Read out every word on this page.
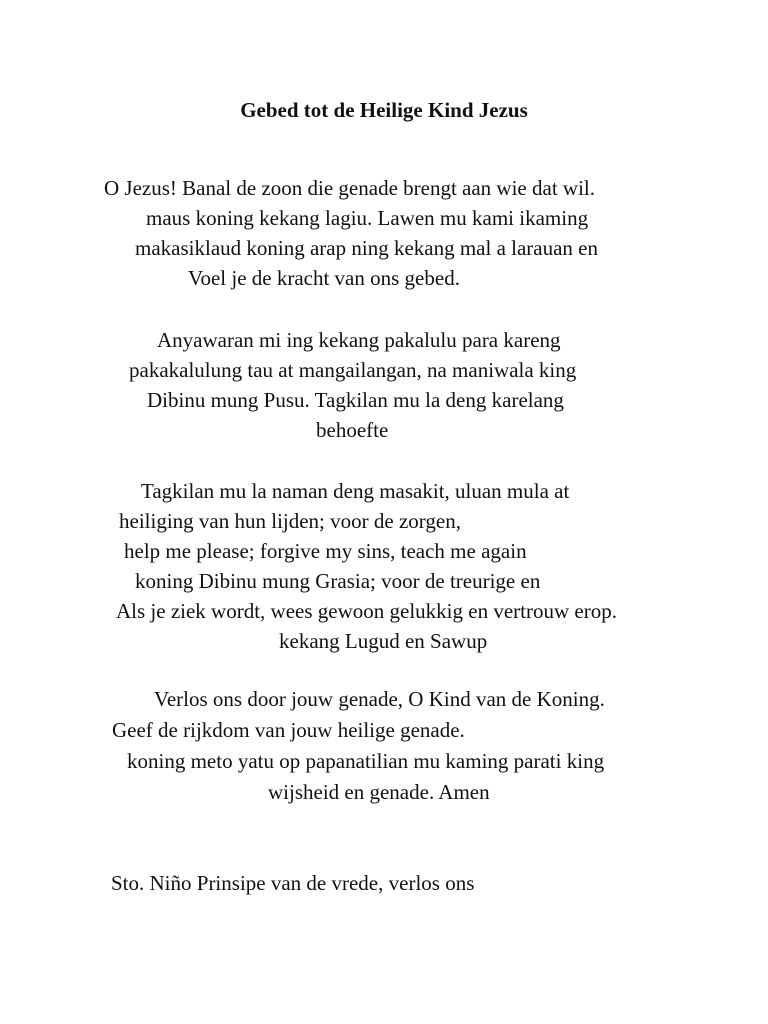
Gebed tot de Heilige Kind Jezus

O Jezus! Banal de zoon die genade brengt aan wie dat wil.

maus koning kekang lagiu. Lawen mu kami ikaming

makasiklaud koning arap ning kekang mal a larauan en

Voel je de kracht van ons gebed.

Anyawaran mi ing kekang pakalulu para kareng

pakakalulung tau at mangailangan, na maniwala king

Dibinu mung Pusu. Tagkilan mu la deng karelang

behoefte

Tagkilan mu la naman deng masakit, uluan mula at

heiliging van hun lijden; voor de zorgen,

help me please; forgive my sins, teach me again

koning Dibinu mung Grasia; voor de treurige en

Als je ziek wordt, wees gewoon gelukkig en vertrouw erop.

kekang Lugud en Sawup

Verlos ons door jouw genade, O Kind van de Koning.

Geef de rijkdom van jouw heilige genade.

koning meto yatu op papanatilian mu kaming parati king

wijsheid en genade. Amen

Sto. Niño Prinsipe van de vrede, verlos ons
